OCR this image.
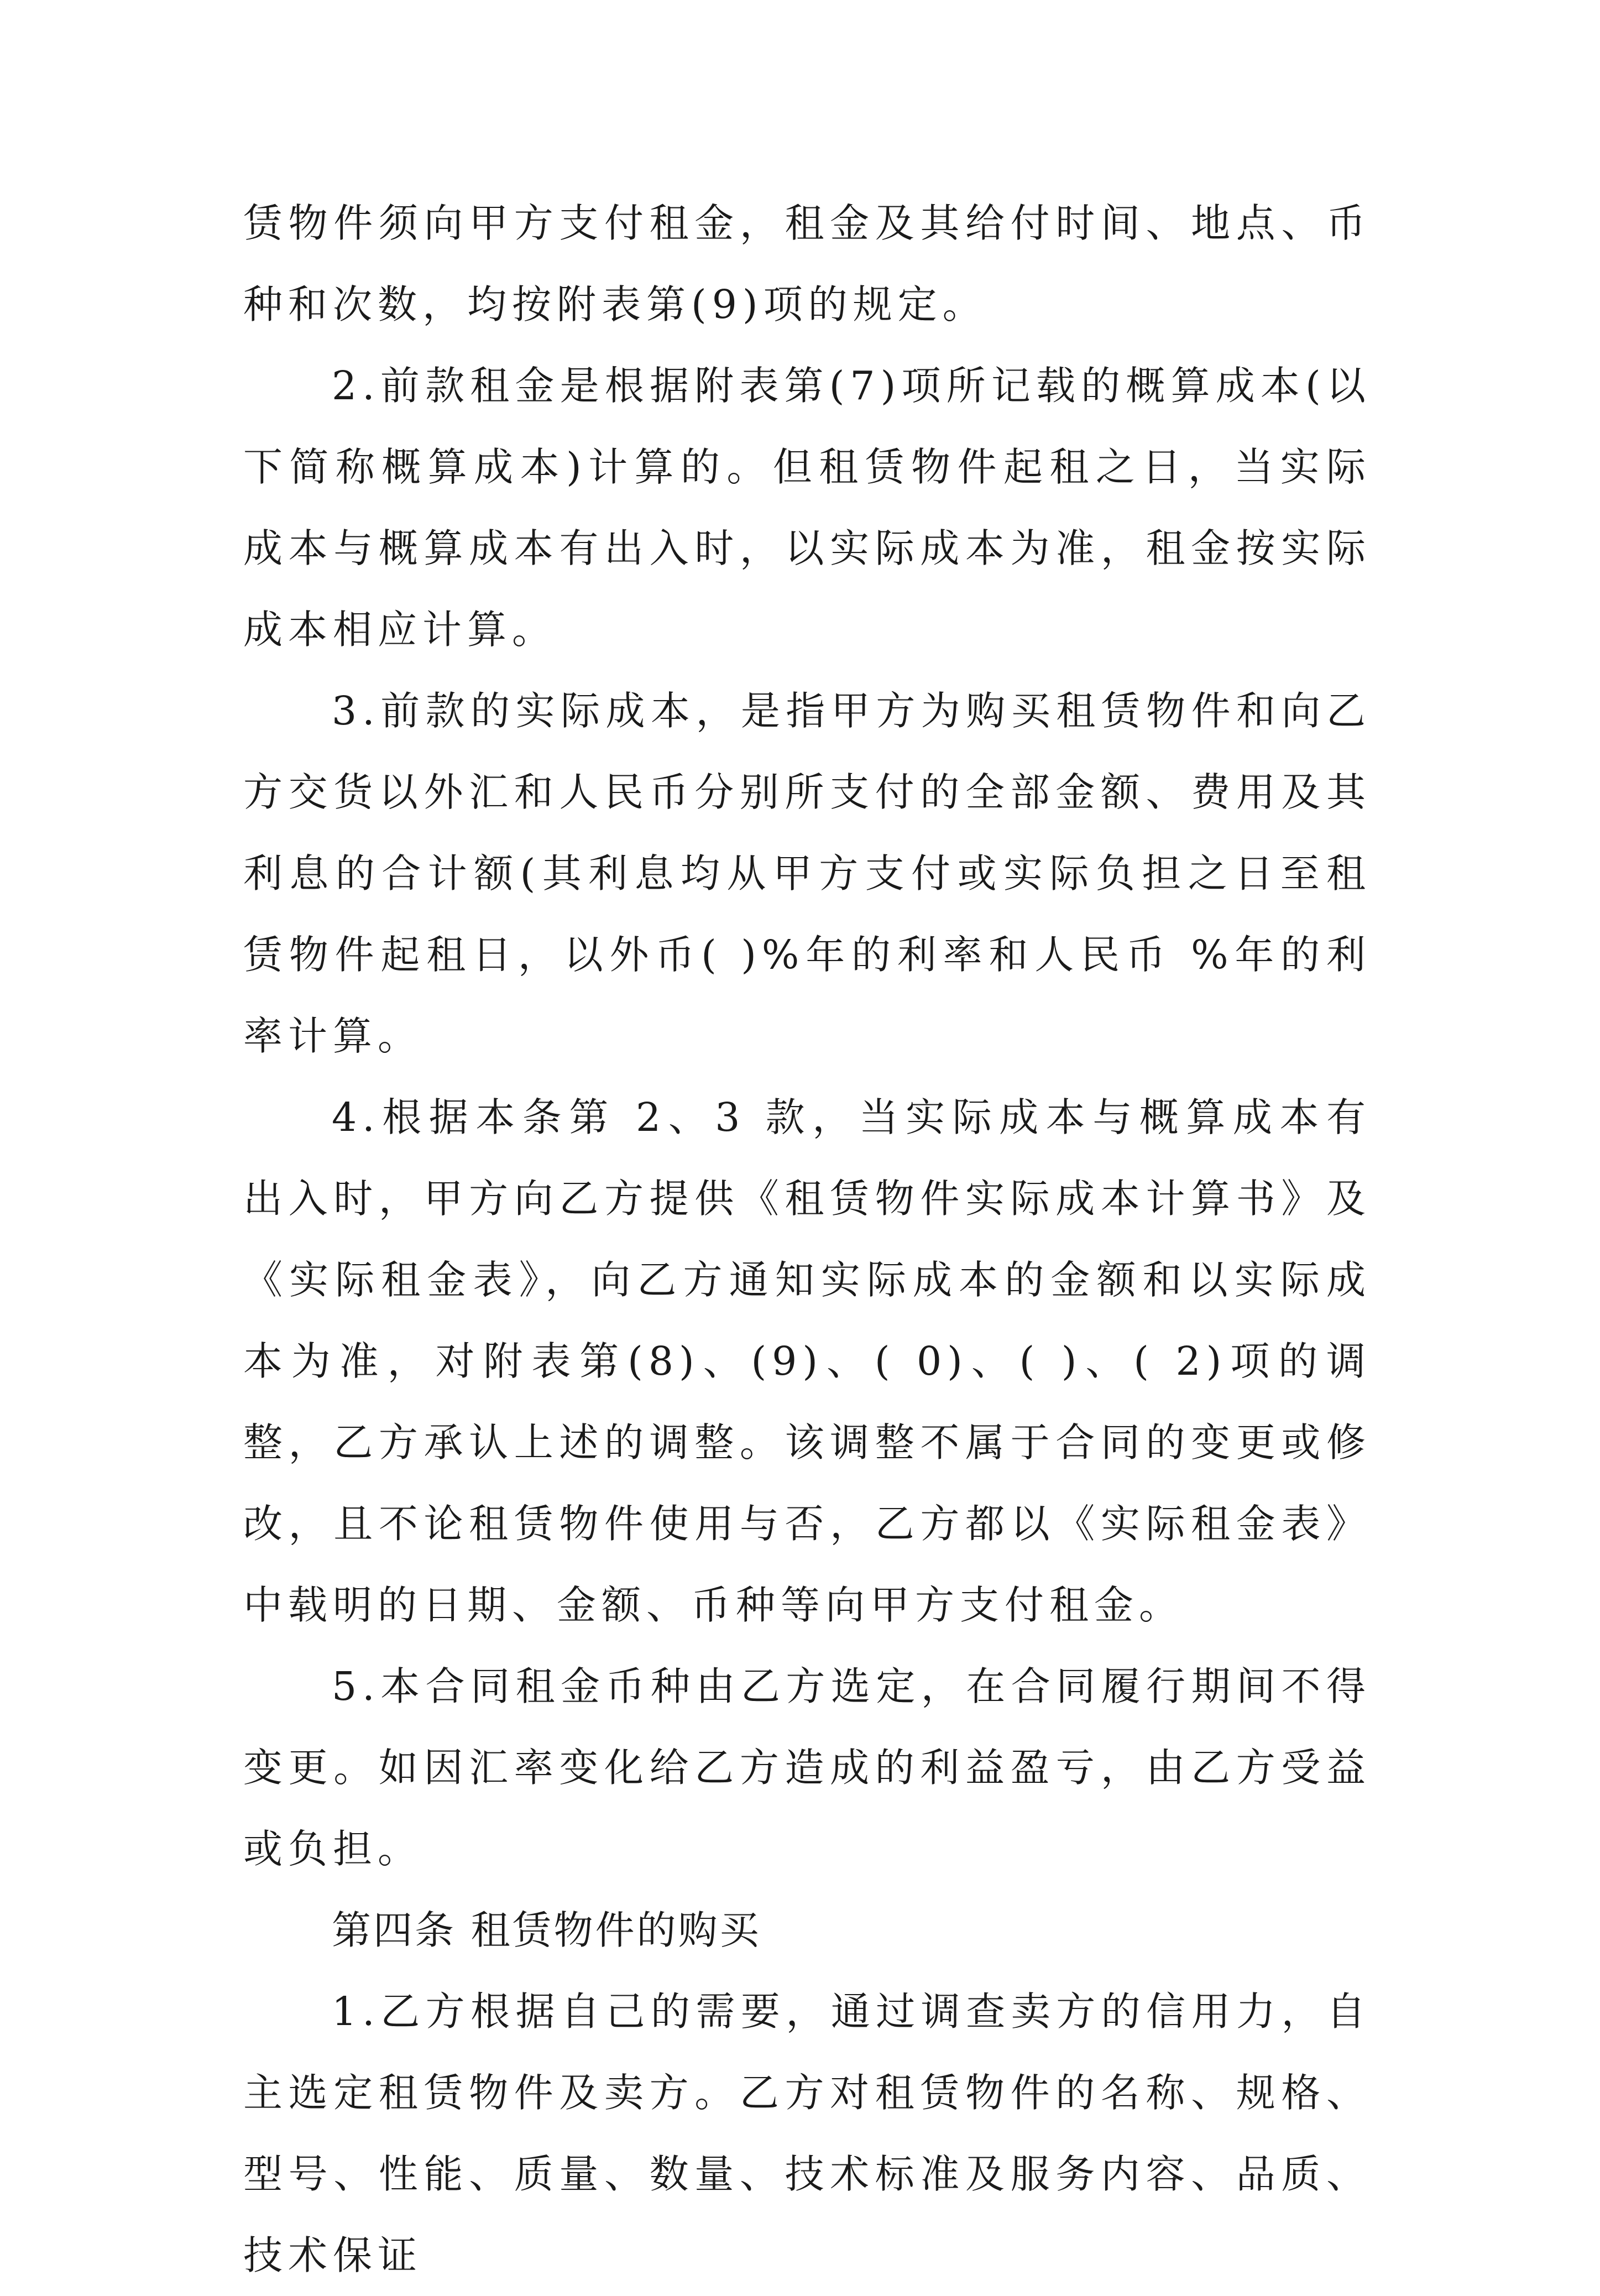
赁物件须向甲方支付租金，租金及其给付时间、地点、币种和次数，均按附表第(9)项的规定。

2.前款租金是根据附表第(7)项所记载的概算成本(以下简称概算成本)计算的。但租赁物件起租之日，当实际成本与概算成本有出入时，以实际成本为准，租金按实际成本相应计算。

3.前款的实际成本，是指甲方为购买租赁物件和向乙方交货以外汇和人民币分别所支付的全部金额、费用及其利息的合计额(其利息均从甲方支付或实际负担之日至租赁物件起租日，以外币( )%年的利率和人民币 %年的利率计算。

4.根据本条第 2、3 款，当实际成本与概算成本有出入时，甲方向乙方提供《租赁物件实际成本计算书》及《实际租金表》，向乙方通知实际成本的金额和以实际成本为准，对附表第(8)、(9)、( 0)、( )、( 2)项的调整，乙方承认上述的调整。该调整不属于合同的变更或修改，且不论租赁物件使用与否，乙方都以《实际租金表》中载明的日期、金额、币种等向甲方支付租金。

5.本合同租金币种由乙方选定，在合同履行期间不得变更。如因汇率变化给乙方造成的利益盈亏，由乙方受益或负担。

第四条 租赁物件的购买

1.乙方根据自己的需要，通过调查卖方的信用力，自主选定租赁物件及卖方。乙方对租赁物件的名称、规格、型号、性能、质量、数量、技术标准及服务内容、品质、技术保证
